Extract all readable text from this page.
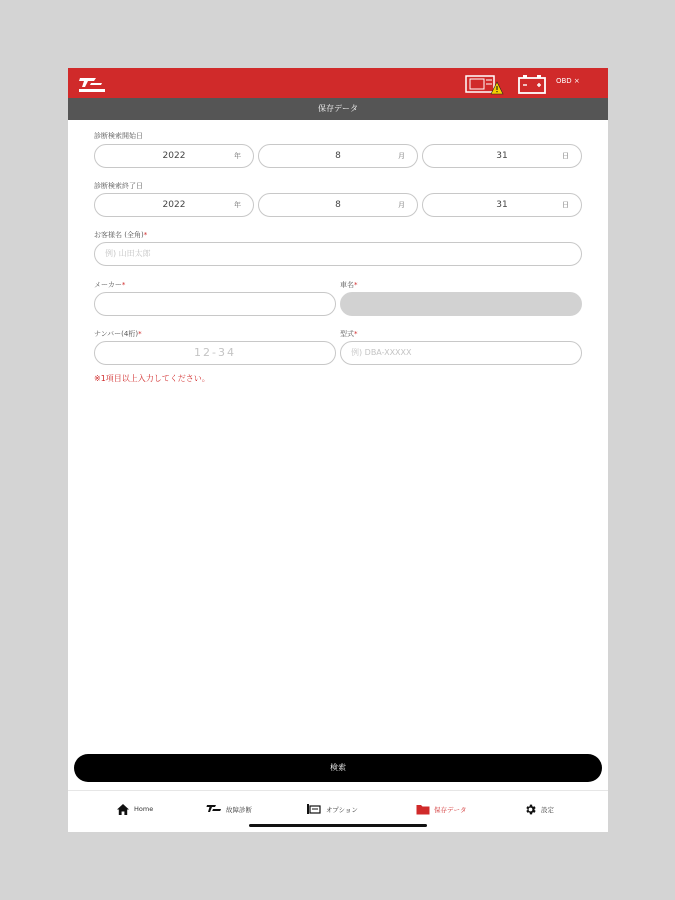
OBD ×
保存データ
診断検索開始日
2022	年	8	月	31	日
診断検索終了日
2022	年	8	月	31	日
お客様名 (全角)*
例) 山田太郎
メーカー*	車名*
ナンバー(4桁)*	型式*
12-34	例) DBA-XXXXX
※1項目以上入力してください。
検索
Home	故障診断	オプション	保存データ	設定
